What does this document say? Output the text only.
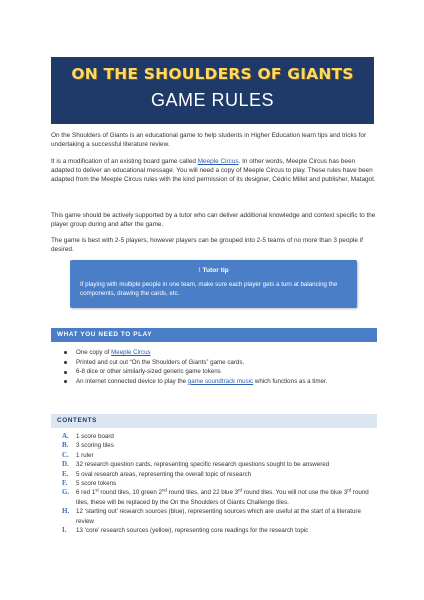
ON THE SHOULDERS OF GIANTS
GAME RULES

On the Shoulders of Giants is an educational game to help students in Higher Education learn tips and tricks for undertaking a successful literature review.

It is a modification of an existing board game called Meeple Circus. In other words, Meeple Circus has been adapted to deliver an educational message. You will need a copy of Meeple Circus to play. These rules have been adapted from the Meeple Circus rules with the kind permission of its designer, Cédric Millet and publisher, Matagot.

This game should be actively supported by a tutor who can deliver additional knowledge and context specific to the player group during and after the game.

The game is best with 2-5 players, however players can be grouped into 2-5 teams of no more than 3 people if desired.

! Tutor tip
If playing with multiple people in one team, make sure each player gets a turn at balancing the components, drawing the cards, etc.
WHAT YOU NEED TO PLAY
One copy of Meeple Circus
Printed and cut out “On the Shoulders of Giants” game cards.
6-8 dice or other similarly-sized generic game tokens
An internet connected device to play the game soundtrack music which functions as a timer.
CONTENTS
A. 1 score board
B. 3 scoring tiles
C. 1 ruler
D. 32 research question cards, representing specific research questions sought to be answered
E. 5 oval research areas, representing the overall topic of research
F. 5 score tokens
G. 6 red 1st round tiles, 10 green 2nd round tiles, and 22 blue 3rd round tiles. You will not use the blue 3rd round tiles, these will be replaced by the On the Shoulders of Giants Challenge tiles.
H. 12 ‘starting out’ research sources (blue), representing sources which are useful at the start of a literature review
I. 13 ‘core’ research sources (yellow), representing core readings for the research topic
